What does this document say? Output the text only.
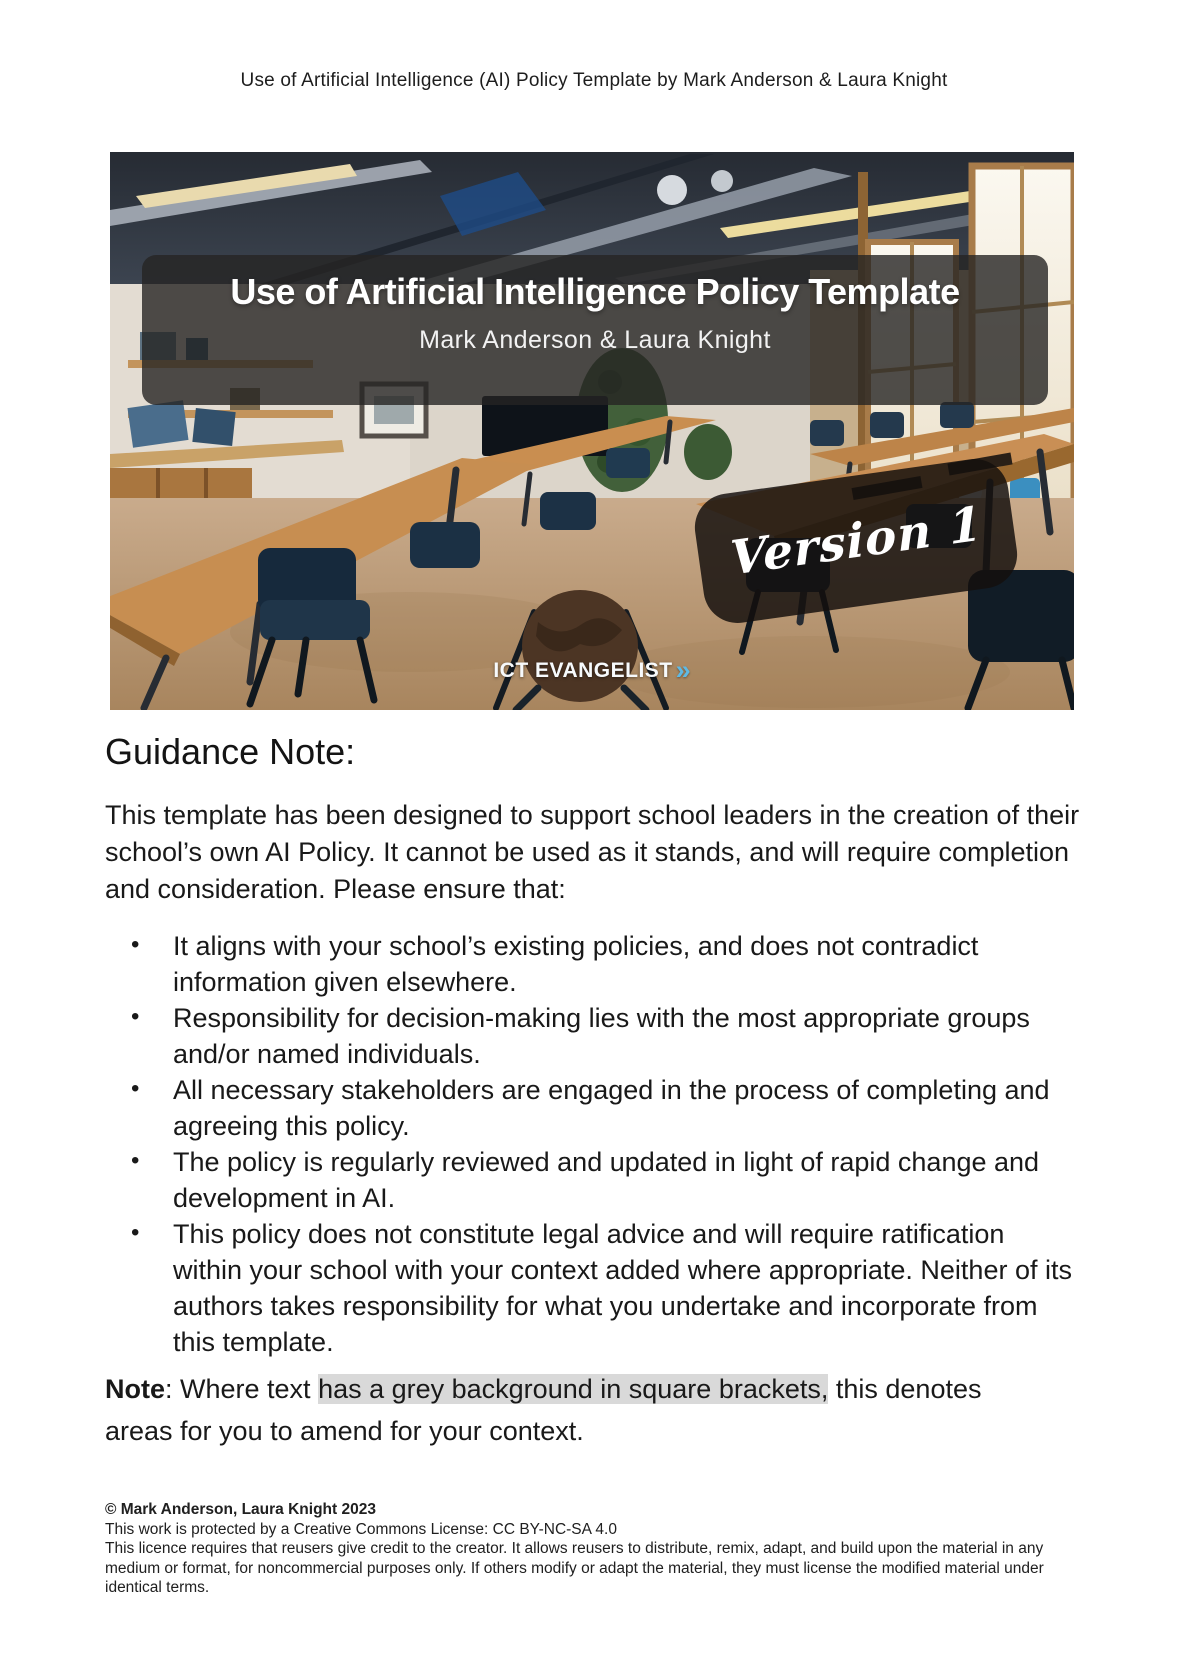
Use of Artificial Intelligence (AI) Policy Template by Mark Anderson & Laura Knight
Use of Artificial Intelligence Policy Template
Mark Anderson & Laura Knight
Version 1
ICT EVANGELIST »
Guidance Note:
This template has been designed to support school leaders in the creation of their school’s own AI Policy. It cannot be used as it stands, and will require completion and consideration. Please ensure that:
• It aligns with your school’s existing policies, and does not contradict information given elsewhere.
• Responsibility for decision-making lies with the most appropriate groups and/or named individuals.
• All necessary stakeholders are engaged in the process of completing and agreeing this policy.
• The policy is regularly reviewed and updated in light of rapid change and development in AI.
• This policy does not constitute legal advice and will require ratification within your school with your context added where appropriate. Neither of its authors takes responsibility for what you undertake and incorporate from this template.
Note: Where text has a grey background in square brackets, this denotes areas for you to amend for your context.
© Mark Anderson, Laura Knight 2023
This work is protected by a Creative Commons License: CC BY-NC-SA 4.0
This licence requires that reusers give credit to the creator. It allows reusers to distribute, remix, adapt, and build upon the material in any medium or format, for noncommercial purposes only. If others modify or adapt the material, they must license the modified material under identical terms.
